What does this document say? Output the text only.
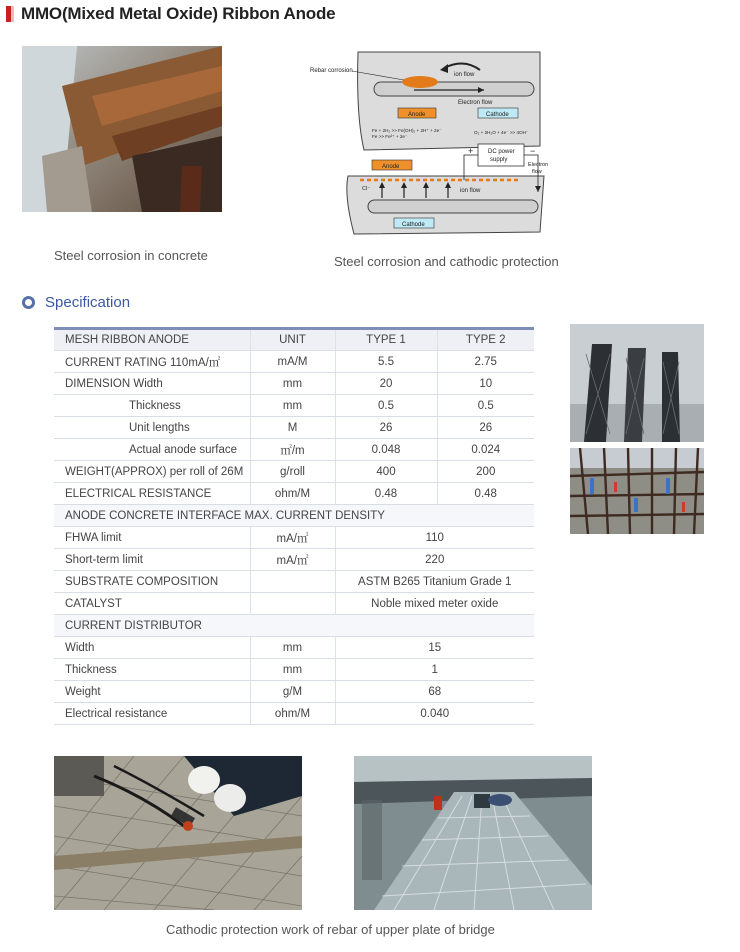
MMO(Mixed Metal Oxide) Ribbon Anode
Steel corrosion in concrete
Rebar corrosion
ion flow
Electron flow
Anode	Cathode
Fe + 2H₂ >> Fe(OH)₂ + 2H⁺ + 2e⁻
Fe >> Fe²⁺ + 2e⁻
O₂ + 2H₂O + 4e⁻ >> 4OH⁻
Anode
DC power
supply
+	−
Electron
flow
Cl⁻	ion flow
Cathode
Steel corrosion and cathodic protection
Specification
MESH RIBBON ANODE	UNIT	TYPE 1	TYPE 2
CURRENT RATING 110mA/㎡	mA/M	5.5	2.75
DIMENSION Width	mm	20	10
Thickness	mm	0.5	0.5
Unit lengths	M	26	26
Actual anode surface	㎡/m	0.048	0.024
WEIGHT(APPROX) per roll of 26M	g/roll	400	200
ELECTRICAL RESISTANCE	ohm/M	0.48	0.48
ANODE CONCRETE INTERFACE MAX. CURRENT DENSITY			
FHWA limit	mA/㎡	110	
Short-term limit	mA/㎡	220	
SUBSTRATE COMPOSITION		ASTM B265 Titanium Grade 1	
CATALYST		Noble mixed meter oxide	
CURRENT DISTRIBUTOR			
Width	mm	15	
Thickness	mm	1	
Weight	g/M	68	
Electrical resistance	ohm/M	0.040	
Cathodic protection work of rebar of upper plate of bridge
